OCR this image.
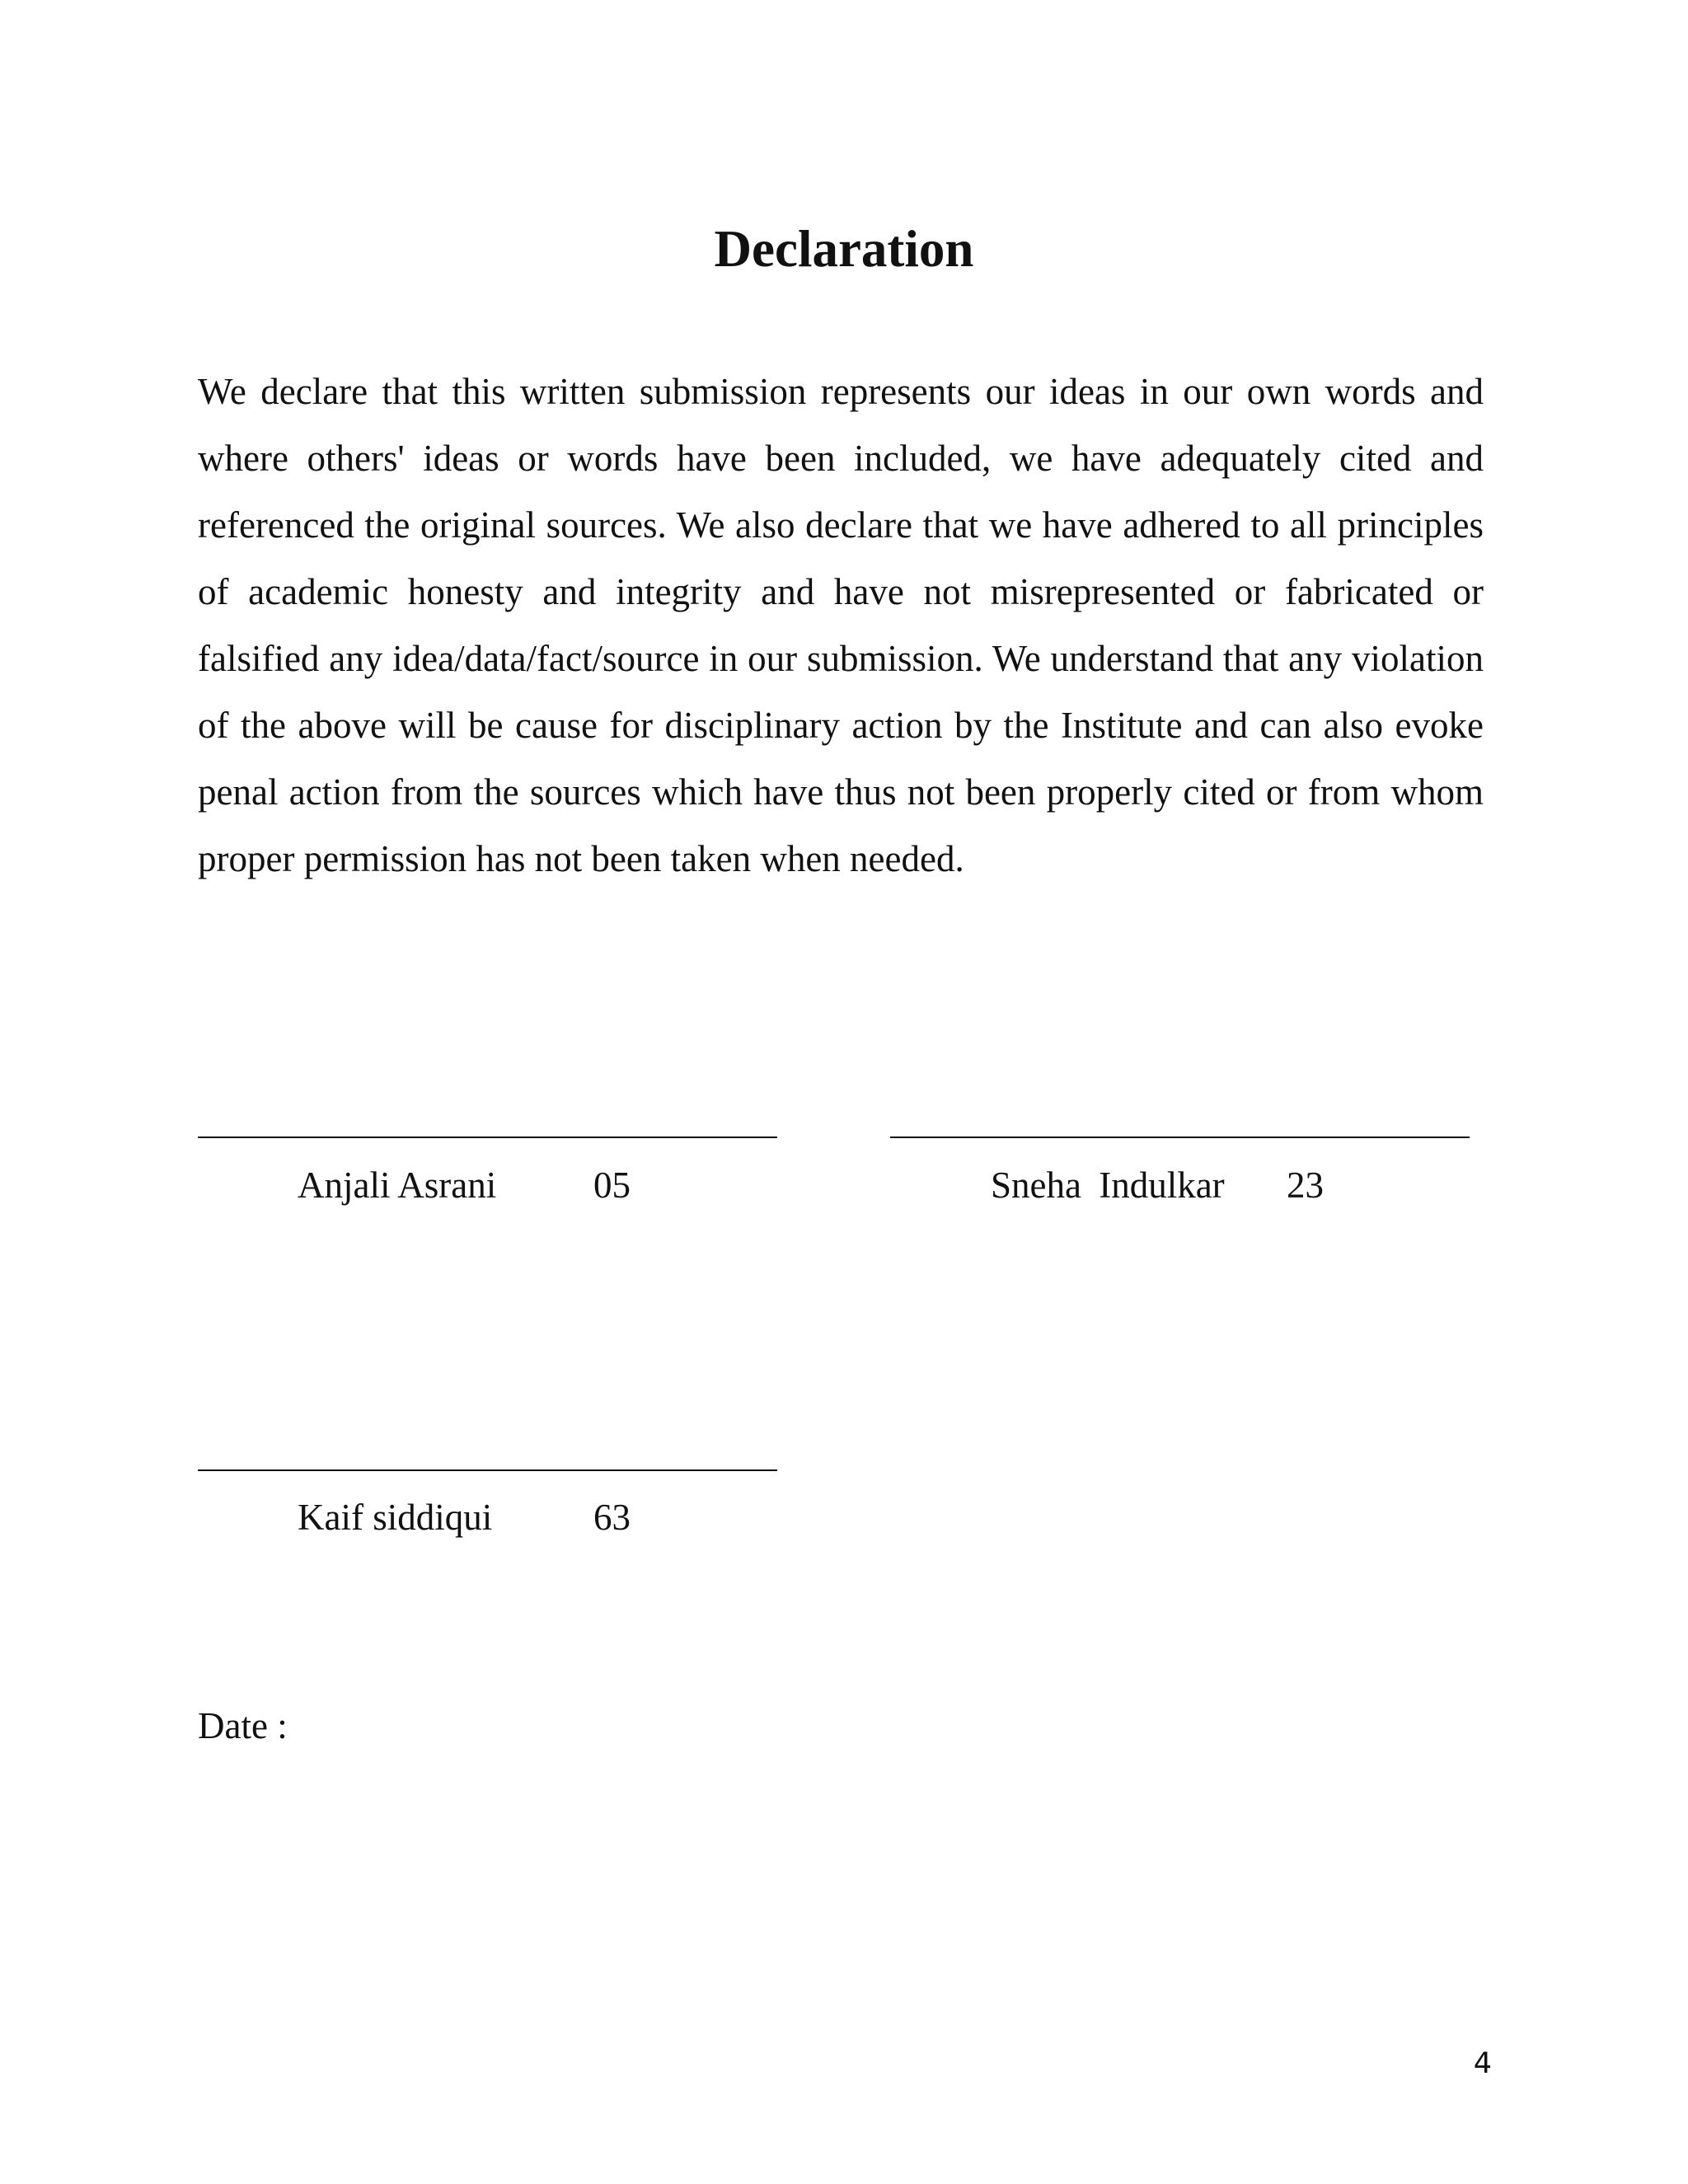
Declaration

We declare that this written submission represents our ideas in our own words and where others' ideas or words have been included, we have adequately cited and referenced the original sources. We also declare that we have adhered to all principles of academic honesty and integrity and have not misrepresented or fabricated or falsified any idea/data/fact/source in our submission. We understand that any violation of the above will be cause for disciplinary action by the Institute and can also evoke penal action from the sources which have thus not been properly cited or from whom proper permission has not been taken when needed.

Anjali Asrani	05	Sneha Indulkar 23
Kaif siddiqui	63
Date :
4
